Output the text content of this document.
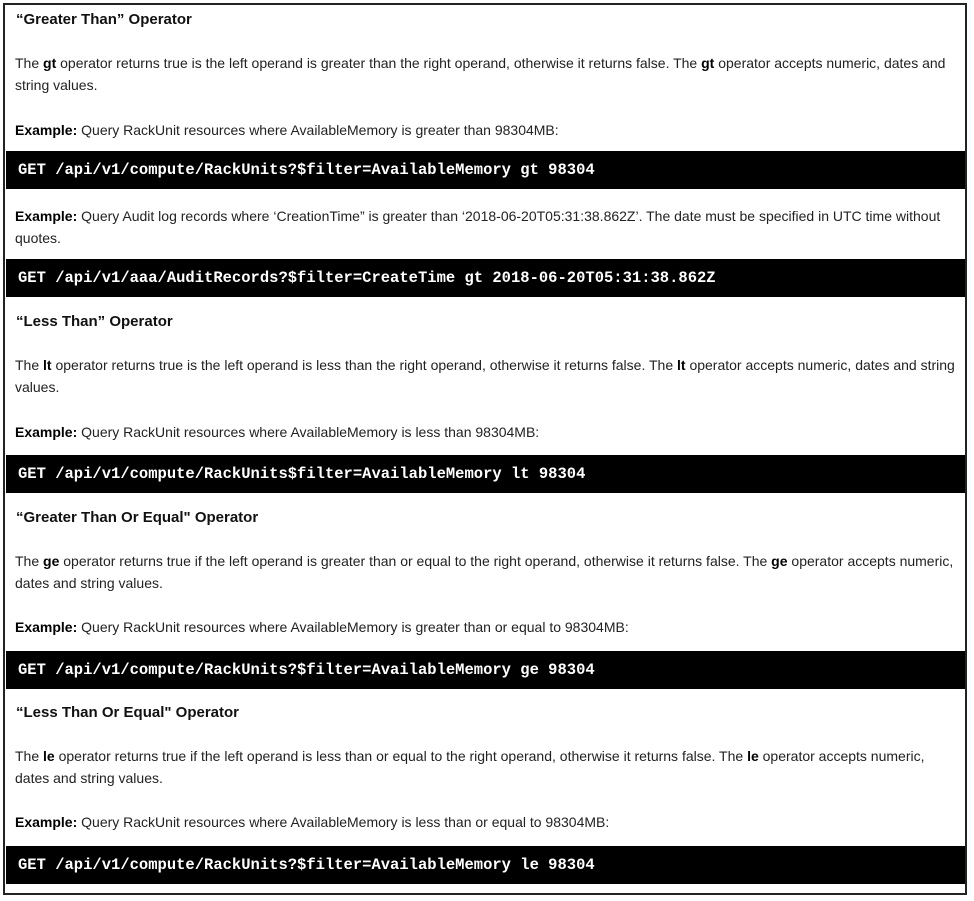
“Greater Than” Operator
The gt operator returns true is the left operand is greater than the right operand, otherwise it returns false. The gt operator accepts numeric, dates and string values.
Example: Query RackUnit resources where AvailableMemory is greater than 98304MB:
GET /api/v1/compute/RackUnits?$filter=AvailableMemory gt 98304
Example: Query Audit log records where ‘CreationTime” is greater than ‘2018-06-20T05:31:38.862Z’. The date must be specified in UTC time without quotes.
GET /api/v1/aaa/AuditRecords?$filter=CreateTime gt 2018-06-20T05:31:38.862Z
“Less Than” Operator
The lt operator returns true is the left operand is less than the right operand, otherwise it returns false. The lt operator accepts numeric, dates and string values.
Example: Query RackUnit resources where AvailableMemory is less than 98304MB:
GET /api/v1/compute/RackUnits$filter=AvailableMemory lt 98304
“Greater Than Or Equal" Operator
The ge operator returns true if the left operand is greater than or equal to the right operand, otherwise it returns false. The ge operator accepts numeric, dates and string values.
Example: Query RackUnit resources where AvailableMemory is greater than or equal to 98304MB:
GET /api/v1/compute/RackUnits?$filter=AvailableMemory ge 98304
“Less Than Or Equal" Operator
The le operator returns true if the left operand is less than or equal to the right operand, otherwise it returns false. The le operator accepts numeric, dates and string values.
Example: Query RackUnit resources where AvailableMemory is less than or equal to 98304MB:
GET /api/v1/compute/RackUnits?$filter=AvailableMemory le 98304
